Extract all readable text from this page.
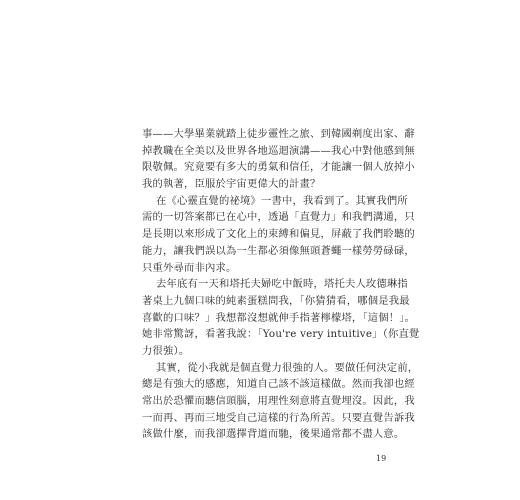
事——大學畢業就踏上徒步靈性之旅、到韓國剃度出家、辭
掉教職在全美以及世界各地巡迴演講——我心中對他感到無
限敬佩。究竟要有多大的勇氣和信任，才能讓一個人放掉小
我的執著，臣服於宇宙更偉大的計畫？
在《心靈直覺的祕境》一書中，我看到了。其實我們所
需的一切答案都已在心中，透過「直覺力」和我們溝通，只
是長期以來形成了文化上的束縛和偏見，屏蔽了我們聆聽的
能力，讓我們誤以為一生都必須像無頭蒼蠅一樣勞勞碌碌，
只重外尋而非內求。
去年底有一天和塔托夫婦吃中飯時，塔托夫人玫德琳指
著桌上九個口味的純素蛋糕問我，「你猜猜看，哪個是我最
喜歡的口味？」我想都沒想就伸手指著檸檬塔，「這個！」。
她非常驚訝，看著我說：「You're very intuitive」（你直覺
力很強）。
其實，從小我就是個直覺力很強的人。要做任何決定前，
總是有強大的感應，知道自己該不該這樣做。然而我卻也經
常出於恐懼而聽信頭腦，用理性刻意將直覺埋沒。因此，我
一而再、再而三地受自己這樣的行為所苦。只要直覺告訴我
該做什麼，而我卻選擇背道而馳，後果通常都不盡人意。
19
